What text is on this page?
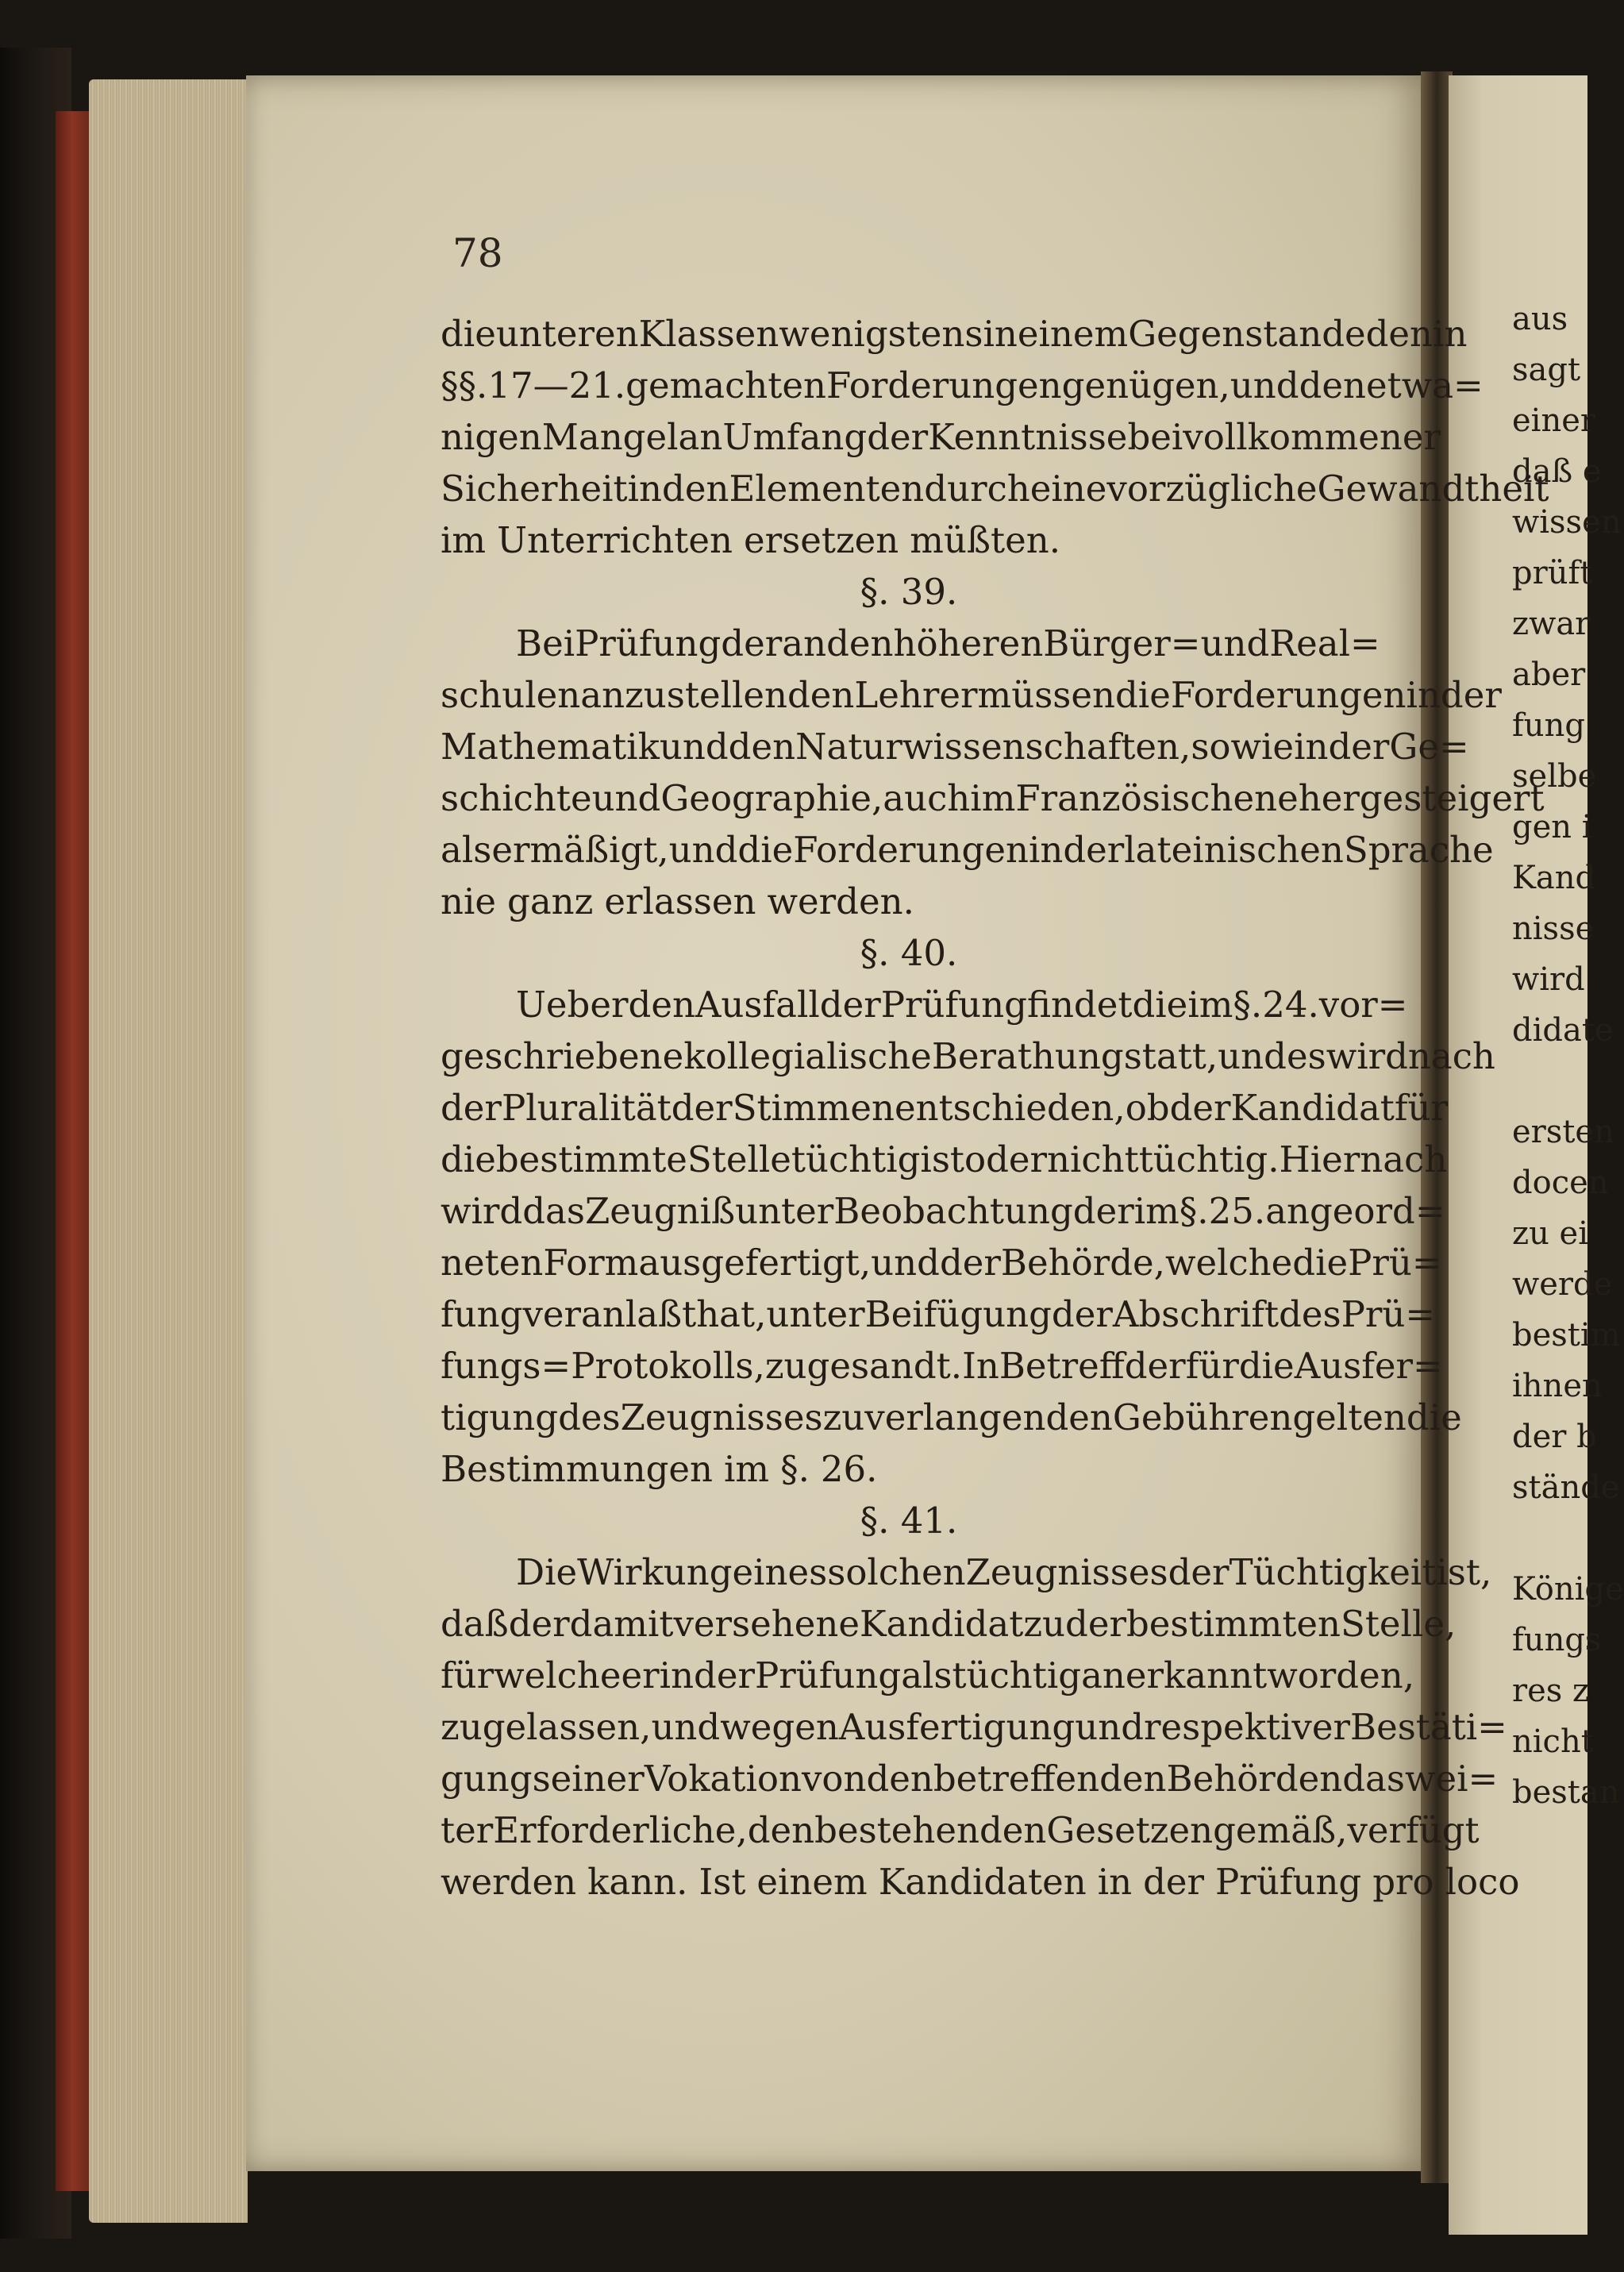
78
die unteren Klassen wenigstens in einem Gegenstande den in
§§. 17—21. gemachten Forderungen genügen, und den etwa=
nigen Mangel an Umfang der Kenntnisse bei vollkommener
Sicherheit in den Elementen durch eine vorzügliche Gewandtheit
im Unterrichten ersetzen müßten.
§. 39.
Bei Prüfung der an den höheren Bürger= und Real=
schulen anzustellenden Lehrer müssen die Forderungen in der
Mathematik und den Naturwissenschaften, so wie in der Ge=
schichte und Geographie, auch im Französischen eher gesteigert
als ermäßigt, und die Forderungen in der lateinischen Sprache
nie ganz erlassen werden.
§. 40.
Ueber den Ausfall der Prüfung findet die im §. 24. vor=
geschriebene kollegialische Berathung statt, und es wird nach
der Pluralität der Stimmen entschieden, ob der Kandidat für
die bestimmte Stelle tüchtig ist oder nicht tüchtig. Hiernach
wird das Zeugniß unter Beobachtung der im §. 25. angeord=
neten Form ausgefertigt, und der Behörde, welche die Prü=
fung veranlaßt hat, unter Beifügung der Abschrift des Prü=
fungs=Protokolls, zugesandt. In Betreff der für die Ausfer=
tigung des Zeugnisses zu verlangenden Gebühren gelten die
Bestimmungen im §. 26.
§. 41.
Die Wirkung eines solchen Zeugnisses der Tüchtigkeit ist,
daß der damit versehene Kandidat zu der bestimmten Stelle,
für welche er in der Prüfung als tüchtig anerkannt worden,
zugelassen, und wegen Ausfertigung und respektiver Bestäti=
gung seiner Vokation von den betreffenden Behörden das wei=
ter Erforderliche, den bestehenden Gesetzen gemäß, verfügt
werden kann. Ist einem Kandidaten in der Prüfung pro loco
aus
sagt
einer
daß e
wissen
prüft
zwar
aber
fung
selbe
gen i
Kand
nisse
wird
didate
ersten
docen
zu ei
werde
bestim
ihnen
der b
stände
Könige
fungs
res z
nicht
bestan
